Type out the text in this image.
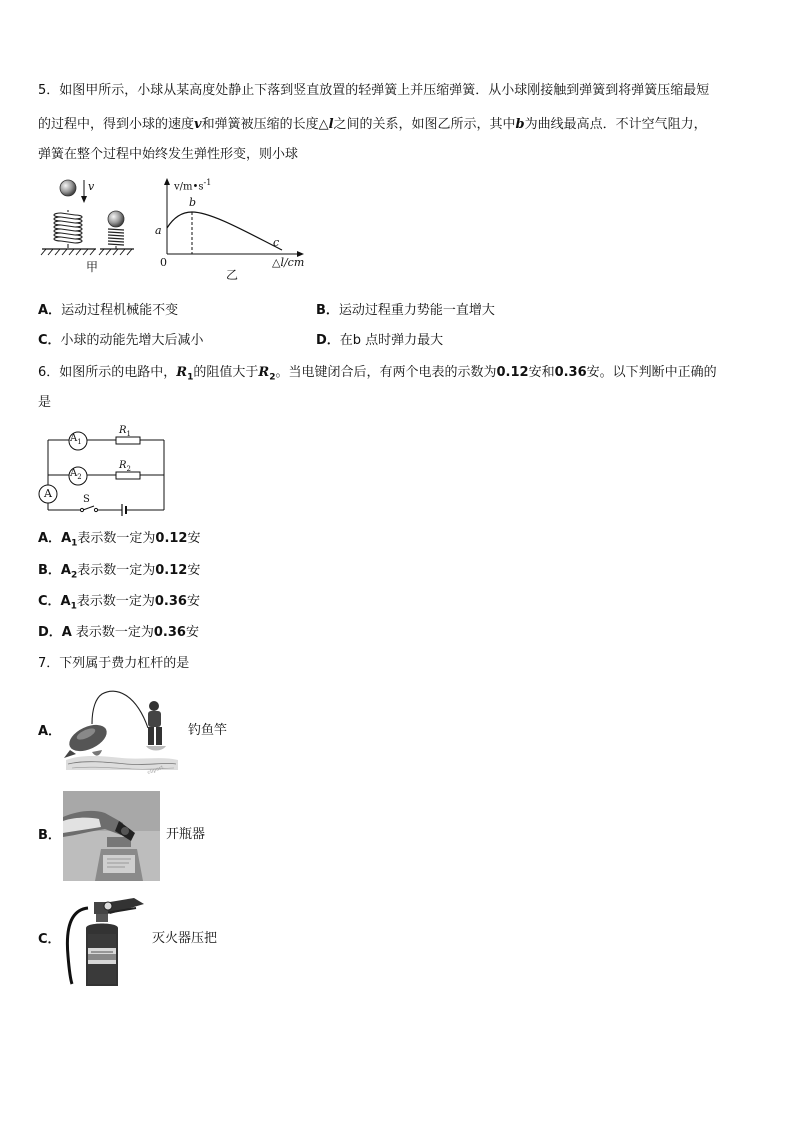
5．如图甲所示，小球从某高度处静止下落到竖直放置的轻弹簧上并压缩弹簧．从小球刚接触到弹簧到将弹簧压缩最短
的过程中，得到小球的速度v和弹簧被压缩的长度△l之间的关系，如图乙所示，其中b为曲线最高点．不计空气阻力，
弹簧在整个过程中始终发生弹性形变，则小球
v
甲
$v/m•s^{-1}$
a
b
c
0	△l/cm
乙
A．运动过程机械能不变	B．运动过程重力势能一直增大
C．小球的动能先增大后减小	D．在b 点时弹力最大
6．如图所示的电路中，$R_1$的阻值大于$R_2$。当电键闭合后，有两个电表的示数为0.12安和0.36安。以下判断中正确的
是
$A_1$
$A_2$
A
$R_1$
$R_2$
S
A．$A_1$表示数一定为0.12安
B．$A_2$表示数一定为0.12安
C．$A_1$表示数一定为0.36安
D．A 表示数一定为0.36安
7．下列属于费力杠杆的是
A．
clipart
钓鱼竿
B．	开瓶器
C．	灭火器压把
